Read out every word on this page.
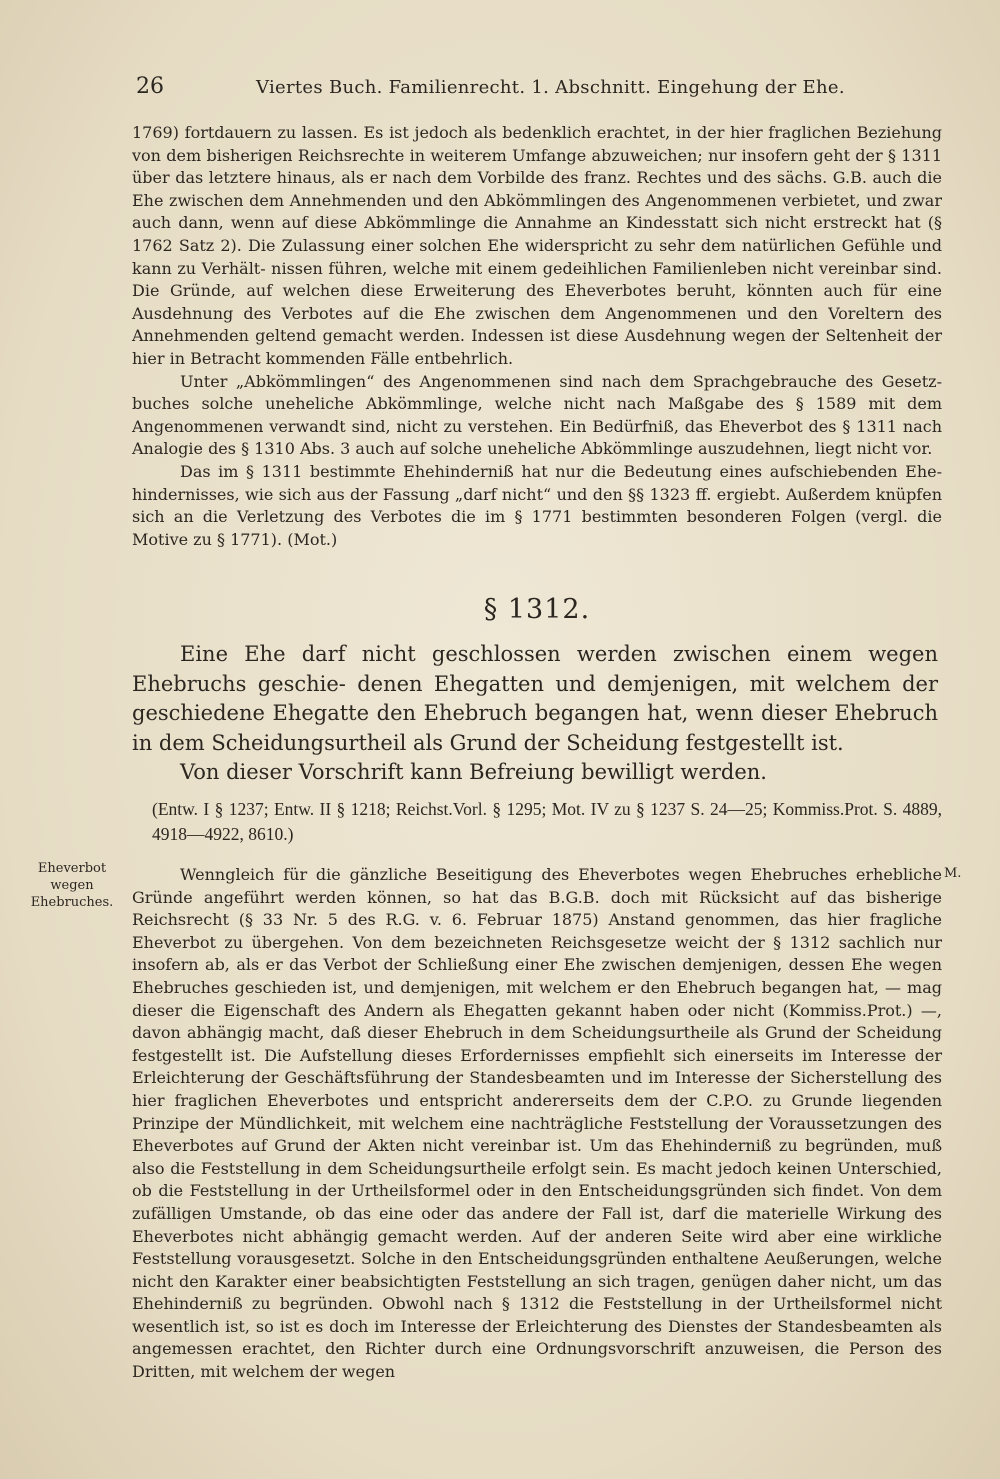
26	Viertes Buch. Familienrecht. 1. Abschnitt. Eingehung der Ehe.

1769) fortdauern zu lassen. Es ist jedoch als bedenklich erachtet, in der hier fraglichen Beziehung von dem bisherigen Reichsrechte in weiterem Umfange abzuweichen; nur insofern geht der § 1311 über das letztere hinaus, als er nach dem Vorbilde des franz. Rechtes und des sächs. G.B. auch die Ehe zwischen dem Annehmenden und den Abkömmlingen des Angenommenen verbietet, und zwar auch dann, wenn auf diese Abkömmlinge die Annahme an Kindesstatt sich nicht erstreckt hat (§ 1762 Satz 2). Die Zulassung einer solchen Ehe widerspricht zu sehr dem natürlichen Gefühle und kann zu Verhält- nissen führen, welche mit einem gedeihlichen Familienleben nicht vereinbar sind. Die Gründe, auf welchen diese Erweiterung des Eheverbotes beruht, könnten auch für eine Ausdehnung des Verbotes auf die Ehe zwischen dem Angenommenen und den Voreltern des Annehmenden geltend gemacht werden. Indessen ist diese Ausdehnung wegen der Seltenheit der hier in Betracht kommenden Fälle entbehrlich.

Unter „Abkömmlingen“ des Angenommenen sind nach dem Sprachgebrauche des Gesetz- buches solche uneheliche Abkömmlinge, welche nicht nach Maßgabe des § 1589 mit dem Angenommenen verwandt sind, nicht zu verstehen. Ein Bedürfniß, das Eheverbot des § 1311 nach Analogie des § 1310 Abs. 3 auch auf solche uneheliche Abkömmlinge auszudehnen, liegt nicht vor.

Das im § 1311 bestimmte Ehehinderniß hat nur die Bedeutung eines aufschiebenden Ehe- hindernisses, wie sich aus der Fassung „darf nicht“ und den §§ 1323 ff. ergiebt. Außerdem knüpfen sich an die Verletzung des Verbotes die im § 1771 bestimmten besonderen Folgen (vergl. die Motive zu § 1771). (Mot.)

§ 1312.

Eine Ehe darf nicht geschlossen werden zwischen einem wegen Ehebruchs geschie- denen Ehegatten und demjenigen, mit welchem der geschiedene Ehegatte den Ehebruch begangen hat, wenn dieser Ehebruch in dem Scheidungsurtheil als Grund der Scheidung festgestellt ist.

Von dieser Vorschrift kann Befreiung bewilligt werden.

(Entw. I § 1237; Entw. II § 1218; Reichst.Vorl. § 1295; Mot. IV zu § 1237 S. 24—25; Kommiss.Prot. S. 4889, 4918—4922, 8610.)
Eheverbot
wegen
Ehebruches.
M.

Wenngleich für die gänzliche Beseitigung des Eheverbotes wegen Ehebruches erhebliche Gründe angeführt werden können, so hat das B.G.B. doch mit Rücksicht auf das bisherige Reichsrecht (§ 33 Nr. 5 des R.G. v. 6. Februar 1875) Anstand genommen, das hier fragliche Eheverbot zu übergehen. Von dem bezeichneten Reichsgesetze weicht der § 1312 sachlich nur insofern ab, als er das Verbot der Schließung einer Ehe zwischen demjenigen, dessen Ehe wegen Ehebruches geschieden ist, und demjenigen, mit welchem er den Ehebruch begangen hat, — mag dieser die Eigenschaft des Andern als Ehegatten gekannt haben oder nicht (Kommiss.Prot.) —, davon abhängig macht, daß dieser Ehebruch in dem Scheidungsurtheile als Grund der Scheidung festgestellt ist. Die Aufstellung dieses Erfordernisses empfiehlt sich einerseits im Interesse der Erleichterung der Geschäftsführung der Standesbeamten und im Interesse der Sicherstellung des hier fraglichen Eheverbotes und entspricht andererseits dem der C.P.O. zu Grunde liegenden Prinzipe der Mündlichkeit, mit welchem eine nachträgliche Feststellung der Voraussetzungen des Eheverbotes auf Grund der Akten nicht vereinbar ist. Um das Ehehinderniß zu begründen, muß also die Feststellung in dem Scheidungsurtheile erfolgt sein. Es macht jedoch keinen Unterschied, ob die Feststellung in der Urtheilsformel oder in den Entscheidungsgründen sich findet. Von dem zufälligen Umstande, ob das eine oder das andere der Fall ist, darf die materielle Wirkung des Eheverbotes nicht abhängig gemacht werden. Auf der anderen Seite wird aber eine wirkliche Feststellung vorausgesetzt. Solche in den Entscheidungsgründen enthaltene Aeußerungen, welche nicht den Karakter einer beabsichtigten Feststellung an sich tragen, genügen daher nicht, um das Ehehinderniß zu begründen. Obwohl nach § 1312 die Feststellung in der Urtheilsformel nicht wesentlich ist, so ist es doch im Interesse der Erleichterung des Dienstes der Standesbeamten als angemessen erachtet, den Richter durch eine Ordnungsvorschrift anzuweisen, die Person des Dritten, mit welchem der wegen
